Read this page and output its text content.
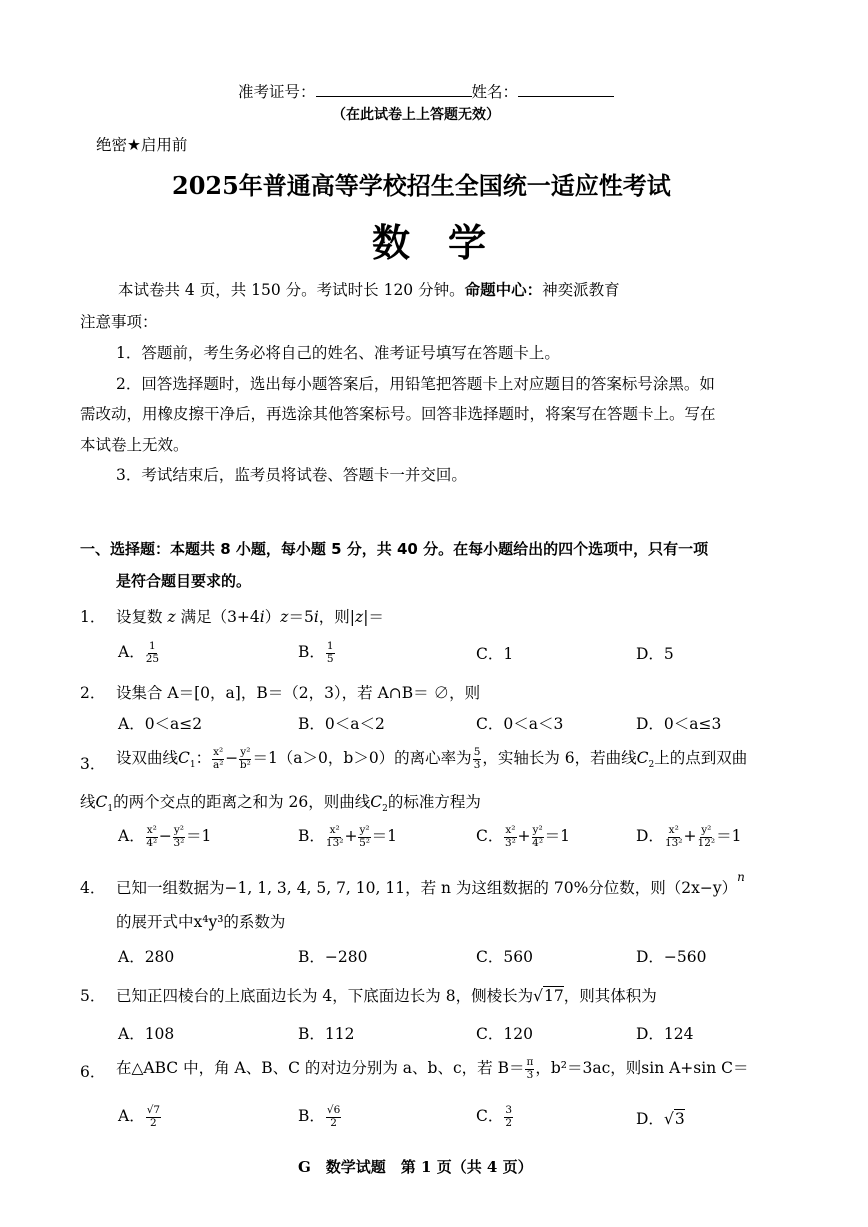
准考证号：	姓名：
（在此试卷上上答题无效）
绝密★启用前
2025年普通高等学校招生全国统一适应性考试
数　学
本试卷共 4 页，共 150 分。考试时长 120 分钟。命题中心：神奕派教育
注意事项：
1．答题前，考生务必将自己的姓名、准考证号填写在答题卡上。
2．回答选择题时，选出每小题答案后，用铅笔把答题卡上对应题目的答案标号涂黑。如
需改动，用橡皮擦干净后，再选涂其他答案标号。回答非选择题时，将案写在答题卡上。写在
本试卷上无效。
3．考试结束后，监考员将试卷、答题卡一并交回。
一、选择题：本题共 8 小题，每小题 5 分，共 40 分。在每小题给出的四个选项中，只有一项
是符合题目要求的。
1． 设复数 z 满足（3+4i）z＝5i，则|z|＝
A． $\frac{1}{25}$	B． $\frac{1}{5}$	C．1	D．5
2． 设集合 A＝[0，a]，B＝（2，3），若 A∩B＝ ∅，则
A．0＜a≤2	B．0＜a＜2	C．0＜a＜3	D．0＜a≤3
3． 设双曲线$C_1$： $\frac{\text{x²}}{\text{a²}} - \frac{\text{y²}}{\text{b²}} =1(a>0$，b＞0）的离心率为 $\frac{5}{3}$ ，实轴长为 6，若曲线$C_2$上的点到双曲
线$C_1$的两个交点的距离之和为 26，则曲线$C_2$的标准方程为
A． $\frac{\text{x²}}{\text{4²}} - \frac{\text{y²}}{\text{3²}} =1$	B． $\frac{\text{x²}}{\text{13²}} + \frac{\text{y²}}{\text{5²}} =1$	C． $\frac{\text{x²}}{\text{3²}} + \frac{\text{y²}}{\text{4²}} =1$	D． $\frac{\text{x²}}{\text{13²}} + \frac{\text{y²}}{\text{12²}} =1$
4． 已知一组数据为−1, 1, 3, 4, 5, 7, 10, 11，若 n 为这组数据的 70%分位数，则$(2x-y)^n$
的展开式中x⁴y³的系数为
A．280	B．−280	C．560	D．−560
5． 已知正四棱台的上底面边长为 4，下底面边长为 8，侧棱长为√17，则其体积为
A．108	B．112	C．120	D．124
6． 在△ABC 中，角 A、B、C 的对边分别为 a、b、c，若 $B= \frac{\pi}{3}$ ，b²＝3ac，则sin A+sin C＝
A． $\frac{√7}{2}$	B． $\frac{√6}{2}$	C． $\frac{3}{2}$	D．√3
G　数学试题　第 1 页（共 4 页）
